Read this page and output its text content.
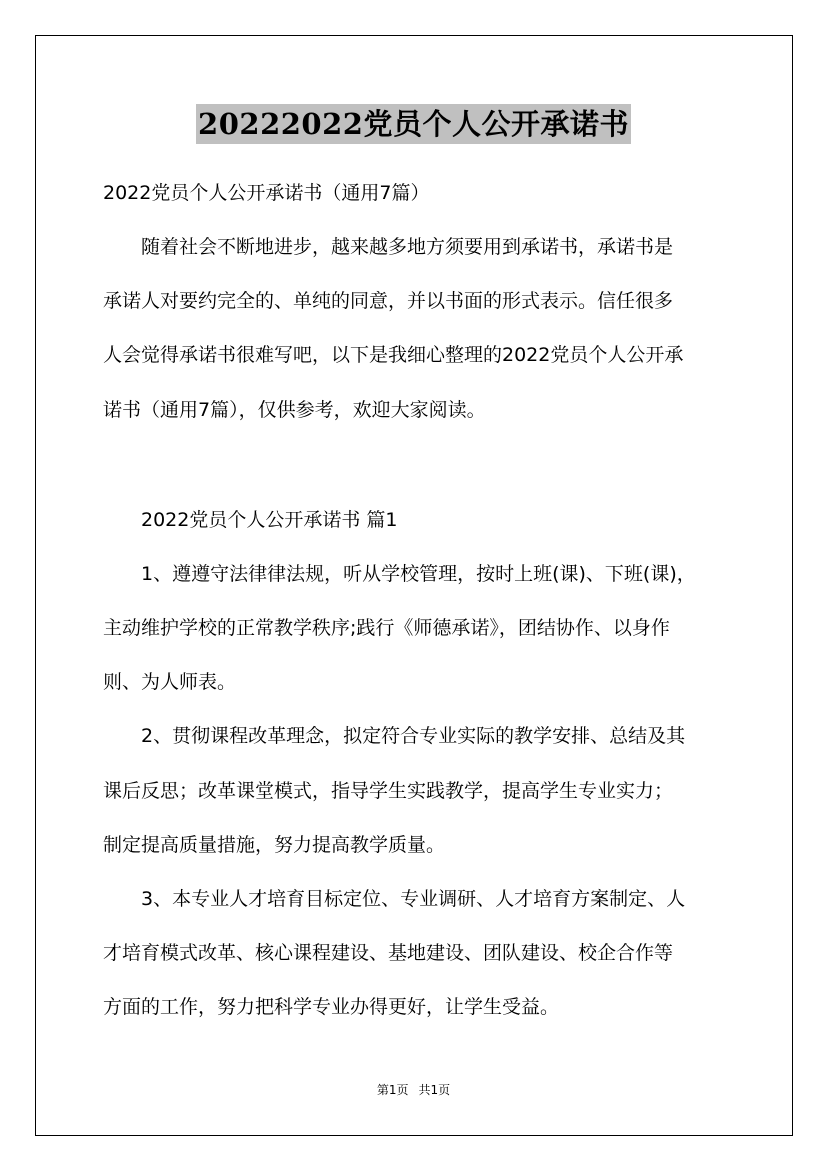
20222022党员个人公开承诺书

2022党员个人公开承诺书（通用7篇）

　　随着社会不断地进步，越来越多地方须要用到承诺书，承诺书是

承诺人对要约完全的、单纯的同意，并以书面的形式表示。信任很多

人会觉得承诺书很难写吧，以下是我细心整理的2022党员个人公开承

诺书（通用7篇），仅供参考，欢迎大家阅读。

　　2022党员个人公开承诺书 篇1

　　1、遵遵守法律律法规，听从学校管理，按时上班(课)、下班(课)，

主动维护学校的正常教学秩序;践行《师德承诺》，团结协作、以身作

则、为人师表。

　　2、贯彻课程改革理念，拟定符合专业实际的教学安排、总结及其

课后反思；改革课堂模式，指导学生实践教学，提高学生专业实力；

制定提高质量措施，努力提高教学质量。

　　3、本专业人才培育目标定位、专业调研、人才培育方案制定、人

才培育模式改革、核心课程建设、基地建设、团队建设、校企合作等

方面的工作，努力把科学专业办得更好，让学生受益。

第1页 共1页
